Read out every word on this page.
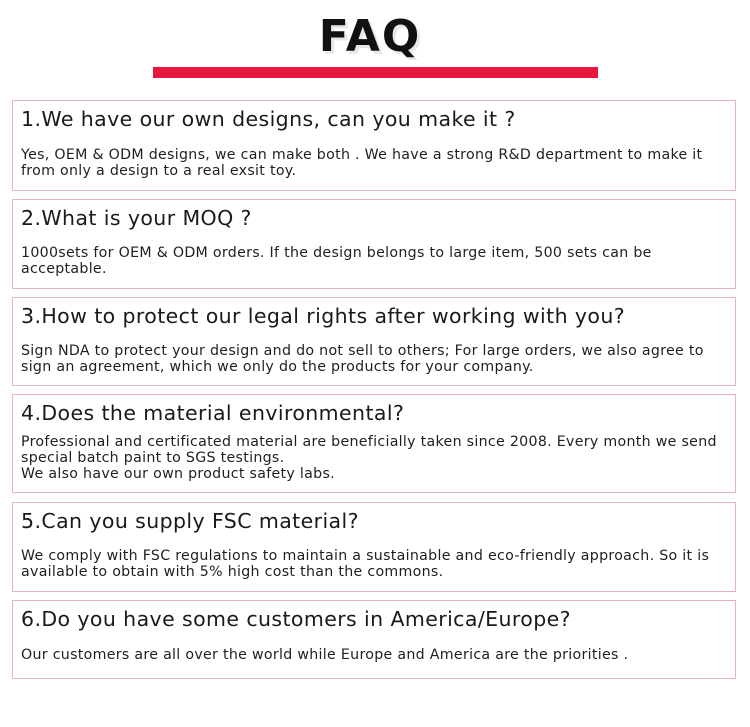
FAQ
1.We have our own designs, can you make it ?
Yes, OEM & ODM designs, we can make both . We have a strong R&D department to make it from only a design to a real exsit toy.
2.What is your MOQ ?
1000sets for OEM & ODM orders. If the design belongs to large item, 500 sets can be acceptable.
3.How to protect our legal rights after working with you?
Sign NDA to protect your design and do not sell to others; For large orders, we also agree to sign an agreement, which we only do the products for your company.
4.Does the material environmental?
Professional and certificated material are beneficially taken since 2008. Every month we send special batch paint to SGS testings.
We also have our own product safety labs.
5.Can you supply FSC material?
We comply with FSC regulations to maintain a sustainable and eco-friendly approach. So it is available to obtain with 5% high cost than the commons.
6.Do you have some customers in America/Europe?
Our customers are all over the world while Europe and America are the priorities .
